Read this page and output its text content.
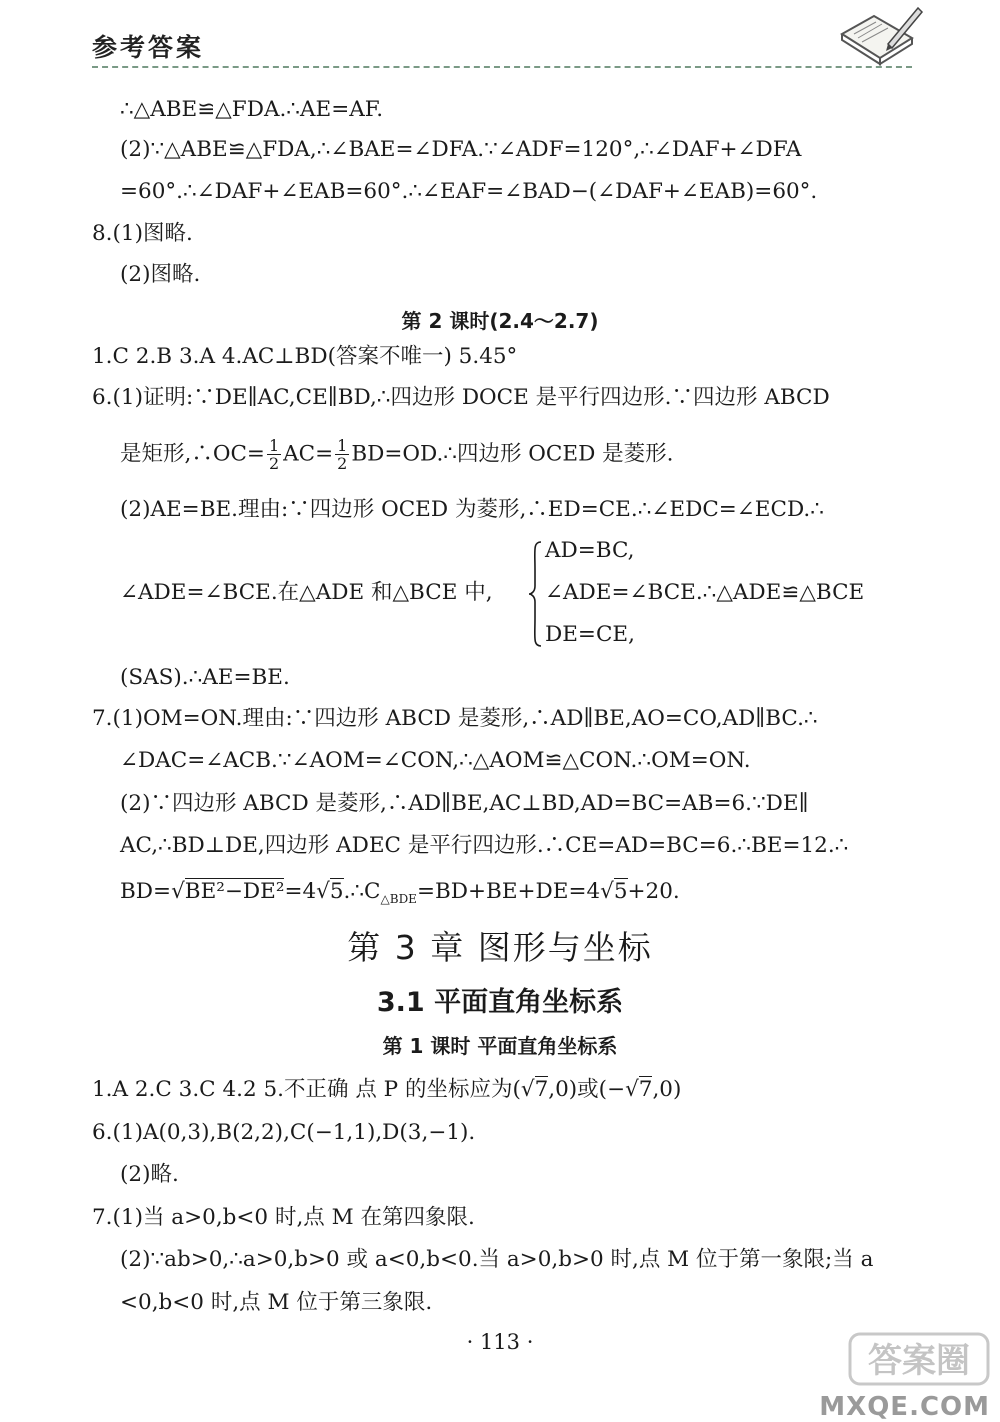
参考答案
∴△ABE≌△FDA.∴AE=AF.
(2)∵△ABE≌△FDA,∴∠BAE=∠DFA.∵∠ADF=120°,∴∠DAF+∠DFA
=60°.∴∠DAF+∠EAB=60°.∴∠EAF=∠BAD−(∠DAF+∠EAB)=60°.
8.(1)图略.
(2)图略.
第 2 课时(2.4～2.7)
1.C 2.B 3.A 4.AC⊥BD(答案不唯一) 5.45°
6.(1)证明:∵DE∥AC,CE∥BD,∴四边形 DOCE 是平行四边形.∵四边形 ABCD
是矩形,∴OC= $\frac{1}{2} AC= \frac{1}{2}$ BD=OD.∴四边形 OCED 是菱形.
(2)AE=BE.理由:∵四边形 OCED 为菱形,∴ED=CE.∴∠EDC=∠ECD.∴
∠ADE=∠BCE.在△ADE 和△BCE 中,
AD=BC,
∠ADE=∠BCE.∴△ADE≌△BCE
DE=CE,
(SAS).∴AE=BE.
7.(1)OM=ON.理由:∵四边形 ABCD 是菱形,∴AD∥BE,AO=CO,AD∥BC.∴
∠DAC=∠ACB.∵∠AOM=∠CON,∴△AOM≌△CON.∴OM=ON.
(2)∵四边形 ABCD 是菱形,∴AD∥BE,AC⊥BD,AD=BC=AB=6.∵DE∥
AC,∴BD⊥DE,四边形 ADEC 是平行四边形.∴CE=AD=BC=6.∴BE=12.∴
$BD=√BE^2-DE^2=4√5.\therefore C_{\triangle BDE}=BD+BE+DE=4√5+20$.
第 3 章 图形与坐标
3.1 平面直角坐标系
第 1 课时 平面直角坐标系
1.A 2.C 3.C 4.2 5.不正确 点 P 的坐标应为(√7,0)或(−√7,0)
6.(1)A(0,3),B(2,2),C(−1,1),D(3,−1).
(2)略.
7.(1)当 a>0,b<0 时,点 M 在第四象限.
(2)∵ab>0,∴a>0,b>0 或 a<0,b<0.当 a>0,b>0 时,点 M 位于第一象限;当 a
<0,b<0 时,点 M 位于第三象限.
· 113 ·	答案圈
MXQE.COM
